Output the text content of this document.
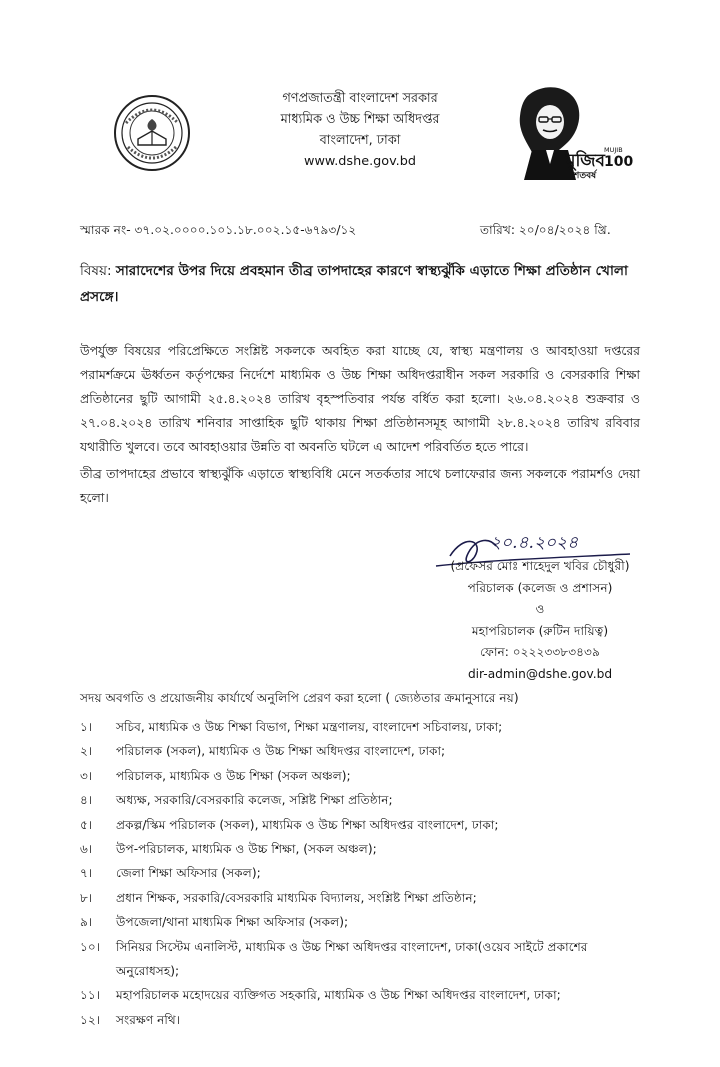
গণপ্রজাতন্ত্রী বাংলাদেশ সরকার
মাধ্যমিক ও উচ্চ শিক্ষা অধিদপ্তর
বাংলাদেশ, ঢাকা
www.dshe.gov.bd	মুজিব
শতবর্ষ
MUJIB
100
স্মারক নং- ৩৭.০২.০০০০.১০১.১৮.০০২.১৫-৬৭৯৩/১২	তারিখ: ২০/০৪/২০২৪ খ্রি.
বিষয়: সারাদেশের উপর দিয়ে প্রবহমান তীব্র তাপদাহের কারণে স্বাস্থ্যঝুঁকি এড়াতে শিক্ষা প্রতিষ্ঠান খোলা প্রসঙ্গে।
উপর্যুক্ত বিষয়ের পরিপ্রেক্ষিতে সংশ্লিষ্ট সকলকে অবহিত করা যাচ্ছে যে, স্বাস্থ্য মন্ত্রণালয় ও আবহাওয়া দপ্তরের পরামর্শক্রমে ঊর্ধ্বতন কর্তৃপক্ষের নির্দেশে মাধ্যমিক ও উচ্চ শিক্ষা অধিদপ্তরাধীন সকল সরকারি ও বেসরকারি শিক্ষা প্রতিষ্ঠানের ছুটি আগামী ২৫.৪.২০২৪ তারিখ বৃহস্পতিবার পর্যন্ত বর্ধিত করা হলো। ২৬.০৪.২০২৪ শুক্রবার ও ২৭.০৪.২০২৪ তারিখ শনিবার সাপ্তাহিক ছুটি থাকায় শিক্ষা প্রতিষ্ঠানসমূহ আগামী ২৮.৪.২০২৪ তারিখ রবিবার যথারীতি খুলবে। তবে আবহাওয়ার উন্নতি বা অবনতি ঘটলে এ আদেশ পরিবর্তিত হতে পারে।
তীব্র তাপদাহের প্রভাবে স্বাস্থ্যঝুঁকি এড়াতে স্বাস্থ্যবিধি মেনে সতর্কতার সাথে চলাফেরার জন্য সকলকে পরামর্শও দেয়া হলো।
২০.৪.২০২৪
(প্রফেসর মোঃ শাহেদুল খবির চৌধুরী)
পরিচালক (কলেজ ও প্রশাসন)
ও
মহাপরিচালক (রুটিন দায়িত্ব)
ফোন: ০২২২৩৩৮৩৪৩৯
dir-admin@dshe.gov.bd
সদয় অবগতি ও প্রয়োজনীয় কার্যার্থে অনুলিপি প্রেরণ করা হলো ( জ্যেষ্ঠতার ক্রমানুসারে নয়)
১।	সচিব, মাধ্যমিক ও উচ্চ শিক্ষা বিভাগ, শিক্ষা মন্ত্রণালয়, বাংলাদেশ সচিবালয়, ঢাকা;
২।	পরিচালক (সকল), মাধ্যমিক ও উচ্চ শিক্ষা অধিদপ্তর বাংলাদেশ, ঢাকা;
৩।	পরিচালক, মাধ্যমিক ও উচ্চ শিক্ষা (সকল অঞ্চল);
৪।	অধ্যক্ষ, সরকারি/বেসরকারি কলেজ, সশ্লিষ্ট শিক্ষা প্রতিষ্ঠান;
৫।	প্রকল্প/স্কিম পরিচালক (সকল), মাধ্যমিক ও উচ্চ শিক্ষা অধিদপ্তর বাংলাদেশ, ঢাকা;
৬।	উপ-পরিচালক, মাধ্যমিক ও উচ্চ শিক্ষা, (সকল অঞ্চল);
৭।	জেলা শিক্ষা অফিসার (সকল);
৮।	প্রধান শিক্ষক, সরকারি/বেসরকারি মাধ্যমিক বিদ্যালয়, সংশ্লিষ্ট শিক্ষা প্রতিষ্ঠান;
৯।	উপজেলা/থানা মাধ্যমিক শিক্ষা অফিসার (সকল);
১০।	সিনিয়র সিস্টেম এনালিস্ট, মাধ্যমিক ও উচ্চ শিক্ষা অধিদপ্তর বাংলাদেশ, ঢাকা(ওয়েব সাইটে প্রকাশের অনুরোধসহ);
১১।	মহাপরিচালক মহোদয়ের ব্যক্তিগত সহকারি, মাধ্যমিক ও উচ্চ শিক্ষা অধিদপ্তর বাংলাদেশ, ঢাকা;
১২।	সংরক্ষণ নথি।
